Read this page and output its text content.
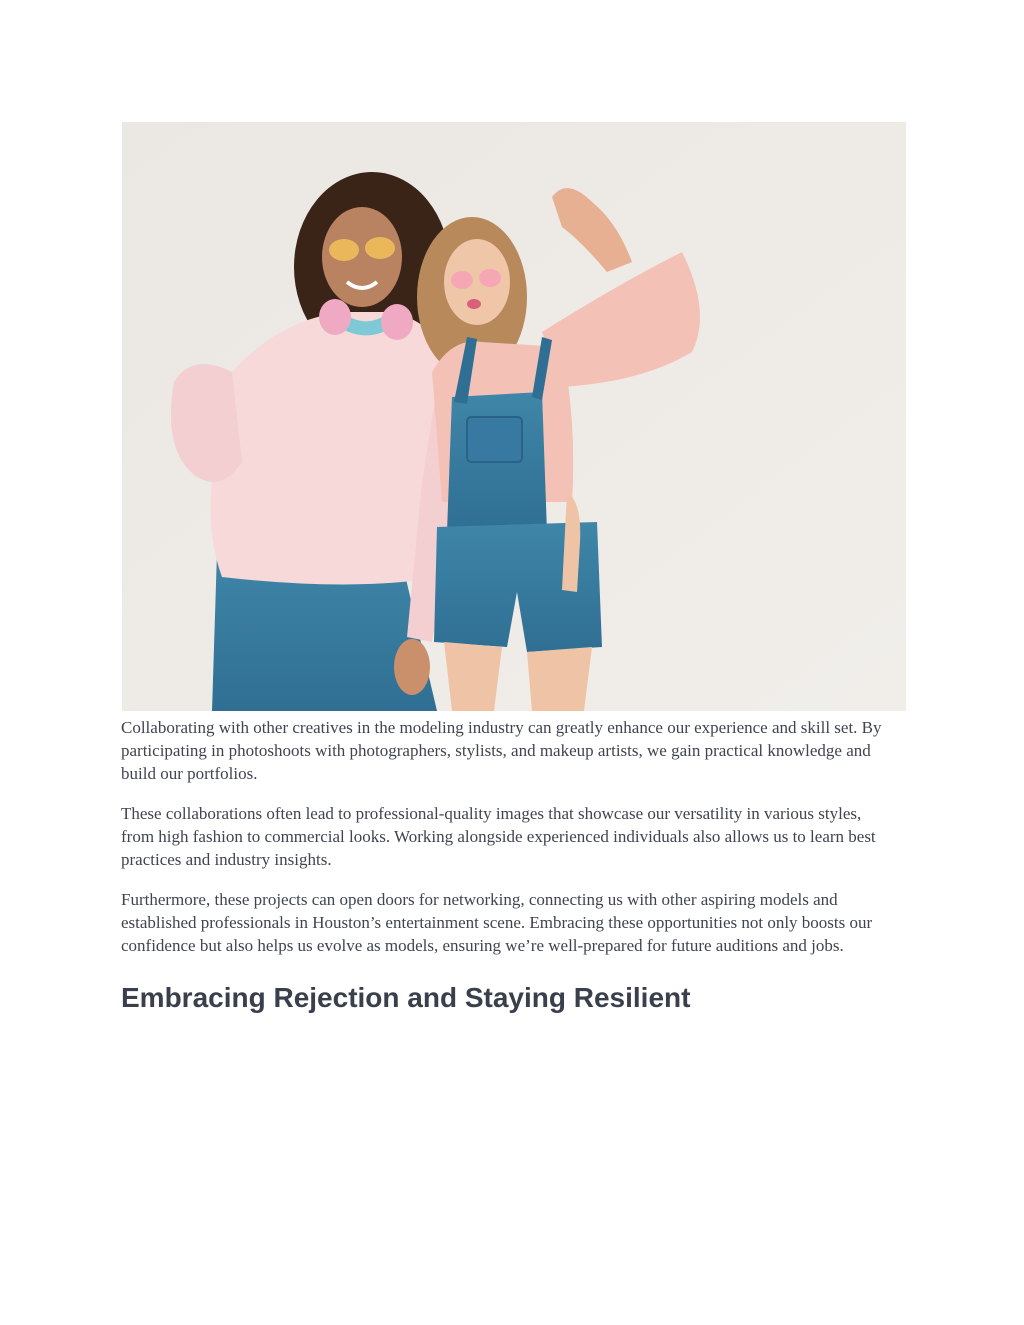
Collaborating with other creatives in the modeling industry can greatly enhance our experience and skill set. By participating in photoshoots with photographers, stylists, and makeup artists, we gain practical knowledge and build our portfolios.

These collaborations often lead to professional-quality images that showcase our versatility in various styles, from high fashion to commercial looks. Working alongside experienced individuals also allows us to learn best practices and industry insights.

Furthermore, these projects can open doors for networking, connecting us with other aspiring models and established professionals in Houston’s entertainment scene. Embracing these opportunities not only boosts our confidence but also helps us evolve as models, ensuring we’re well-prepared for future auditions and jobs.

Embracing Rejection and Staying Resilient
